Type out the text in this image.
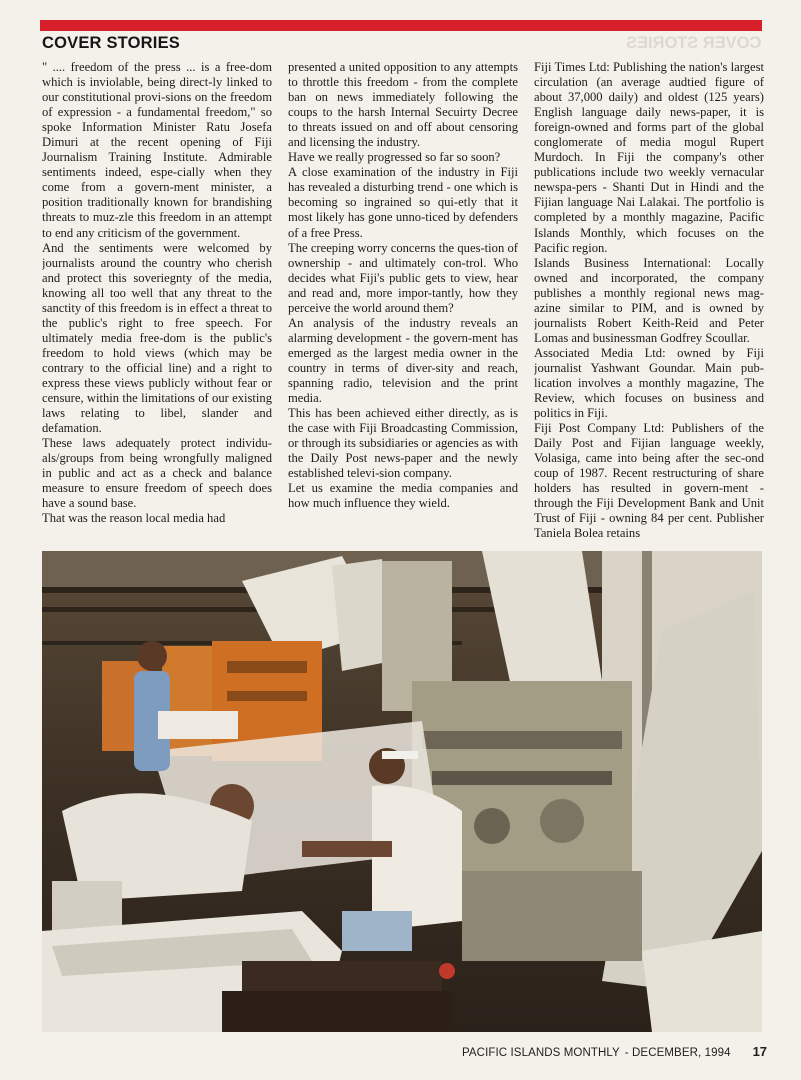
COVER STORIES	COVER STORIES

" .... freedom of the press ... is a free-dom which is inviolable, being direct-ly linked to our constitutional provi-sions on the freedom of expression - a fundamental freedom," so spoke Information Minister Ratu Josefa Dimuri at the recent opening of Fiji Journalism Training Institute. Admirable sentiments indeed, espe-cially when they come from a govern-ment minister, a position traditionally known for brandishing threats to muz-zle this freedom in an attempt to end any criticism of the government.

And the sentiments were welcomed by journalists around the country who cherish and protect this soveriegnty of the media, knowing all too well that any threat to the sanctity of this freedom is in effect a threat to the public's right to free speech. For ultimately media free-dom is the public's freedom to hold views (which may be contrary to the official line) and a right to express these views publicly without fear or censure, within the limitations of our existing laws relating to libel, slander and defamation.

These laws adequately protect individu-als/groups from being wrongfully maligned in public and act as a check and balance measure to ensure freedom of speech does have a sound base.

That was the reason local media had

presented a united opposition to any attempts to throttle this freedom - from the complete ban on news immediately following the coups to the harsh Internal Secuirty Decree to threats issued on and off about censoring and licensing the industry.

Have we really progressed so far so soon?

A close examination of the industry in Fiji has revealed a disturbing trend - one which is becoming so ingrained so qui-etly that it most likely has gone unno-ticed by defenders of a free Press.

The creeping worry concerns the ques-tion of ownership - and ultimately con-trol. Who decides what Fiji's public gets to view, hear and read and, more impor-tantly, how they perceive the world around them?

An analysis of the industry reveals an alarming development - the govern-ment has emerged as the largest media owner in the country in terms of diver-sity and reach, spanning radio, television and the print media.

This has been achieved either directly, as is the case with Fiji Broadcasting Commission, or through its subsidiaries or agencies as with the Daily Post news-paper and the newly established televi-sion company.

Let us examine the media companies and how much influence they wield.

Fiji Times Ltd: Publishing the nation's largest circulation (an average audtied figure of about 37,000 daily) and oldest (125 years) English language daily news-paper, it is foreign-owned and forms part of the global conglomerate of media mogul Rupert Murdoch. In Fiji the company's other publications include two weekly vernacular newspa-pers - Shanti Dut in Hindi and the Fijian language Nai Lalakai. The portfolio is completed by a monthly magazine, Pacific Islands Monthly, which focuses on the Pacific region.

Islands Business International: Locally owned and incorporated, the company publishes a monthly regional news mag-azine similar to PIM, and is owned by journalists Robert Keith-Reid and Peter Lomas and businessman Godfrey Scoullar.

Associated Media Ltd: owned by Fiji journalist Yashwant Goundar. Main pub-lication involves a monthly magazine, The Review, which focuses on business and politics in Fiji.

Fiji Post Company Ltd: Publishers of the Daily Post and Fijian language weekly, Volasiga, came into being after the sec-ond coup of 1987. Recent restructuring of share holders has resulted in govern-ment - through the Fiji Development Bank and Unit Trust of Fiji - owning 84 per cent. Publisher Taniela Bolea retains

PACIFIC ISLANDS MONTHLY - DECEMBER, 1994 17
